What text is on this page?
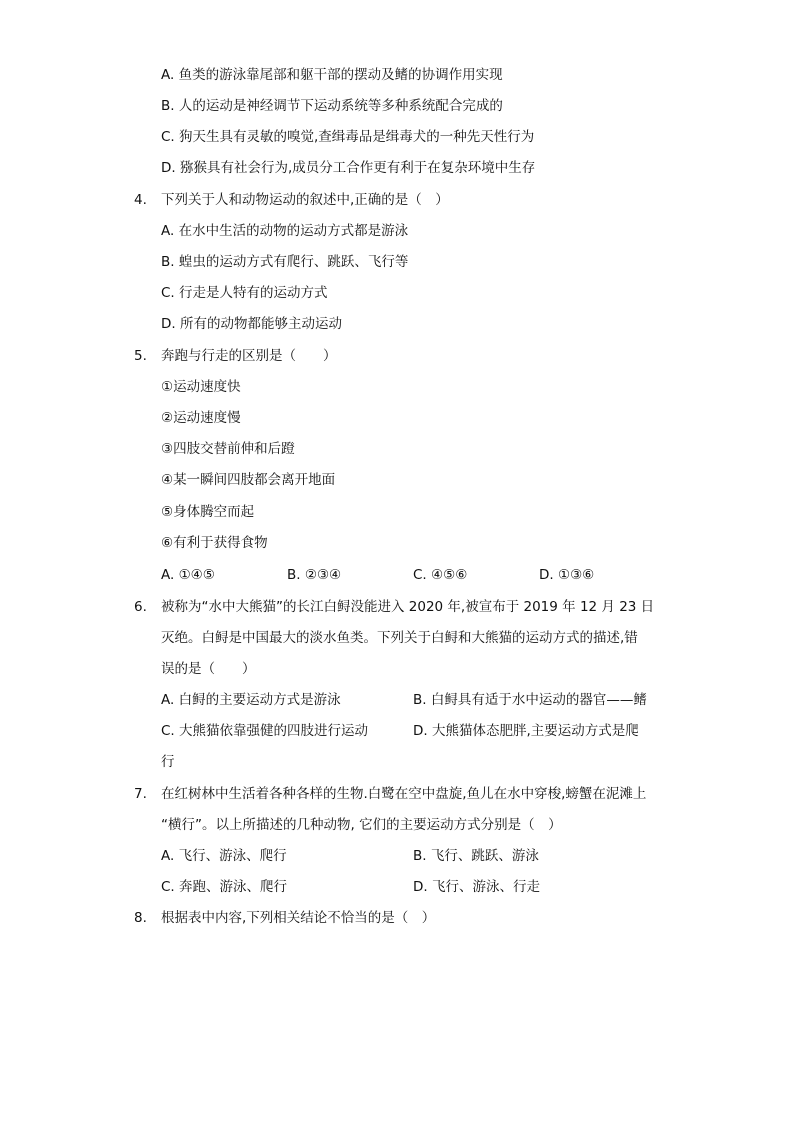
A. 鱼类的游泳靠尾部和躯干部的摆动及鳍的协调作用实现
B. 人的运动是神经调节下运动系统等多种系统配合完成的
C. 狗天生具有灵敏的嗅觉,查缉毒品是缉毒犬的一种先天性行为
D. 猕猴具有社会行为,成员分工合作更有利于在复杂环境中生存
4. 下列关于人和动物运动的叙述中,正确的是（　）
A. 在水中生活的动物的运动方式都是游泳
B. 蝗虫的运动方式有爬行、跳跃、飞行等
C. 行走是人特有的运动方式
D. 所有的动物都能够主动运动
5. 奔跑与行走的区别是（　　）
①运动速度快
②运动速度慢
③四肢交替前伸和后蹬
④某一瞬间四肢都会离开地面
⑤身体腾空而起
⑥有利于获得食物
A. ①④⑤	B. ②③④	C. ④⑤⑥	D. ①③⑥
6. 被称为“水中大熊猫”的长江白鲟没能进入 2020 年,被宣布于 2019 年 12 月 23 日
灭绝。白鲟是中国最大的淡水鱼类。下列关于白鲟和大熊猫的运动方式的描述,错
误的是（　　）
A. 白鲟的主要运动方式是游泳	B. 白鲟具有适于水中运动的器官——鳍
C. 大熊猫依靠强健的四肢进行运动	D. 大熊猫体态肥胖,主要运动方式是爬
行
7. 在红树林中生活着各种各样的生物.白鹭在空中盘旋,鱼儿在水中穿梭,螃蟹在泥滩上
“横行”。以上所描述的几种动物, 它们的主要运动方式分别是（　）
A. 飞行、游泳、爬行	B. 飞行、跳跃、游泳
C. 奔跑、游泳、爬行	D. 飞行、游泳、行走
8. 根据表中内容,下列相关结论不恰当的是（　）
